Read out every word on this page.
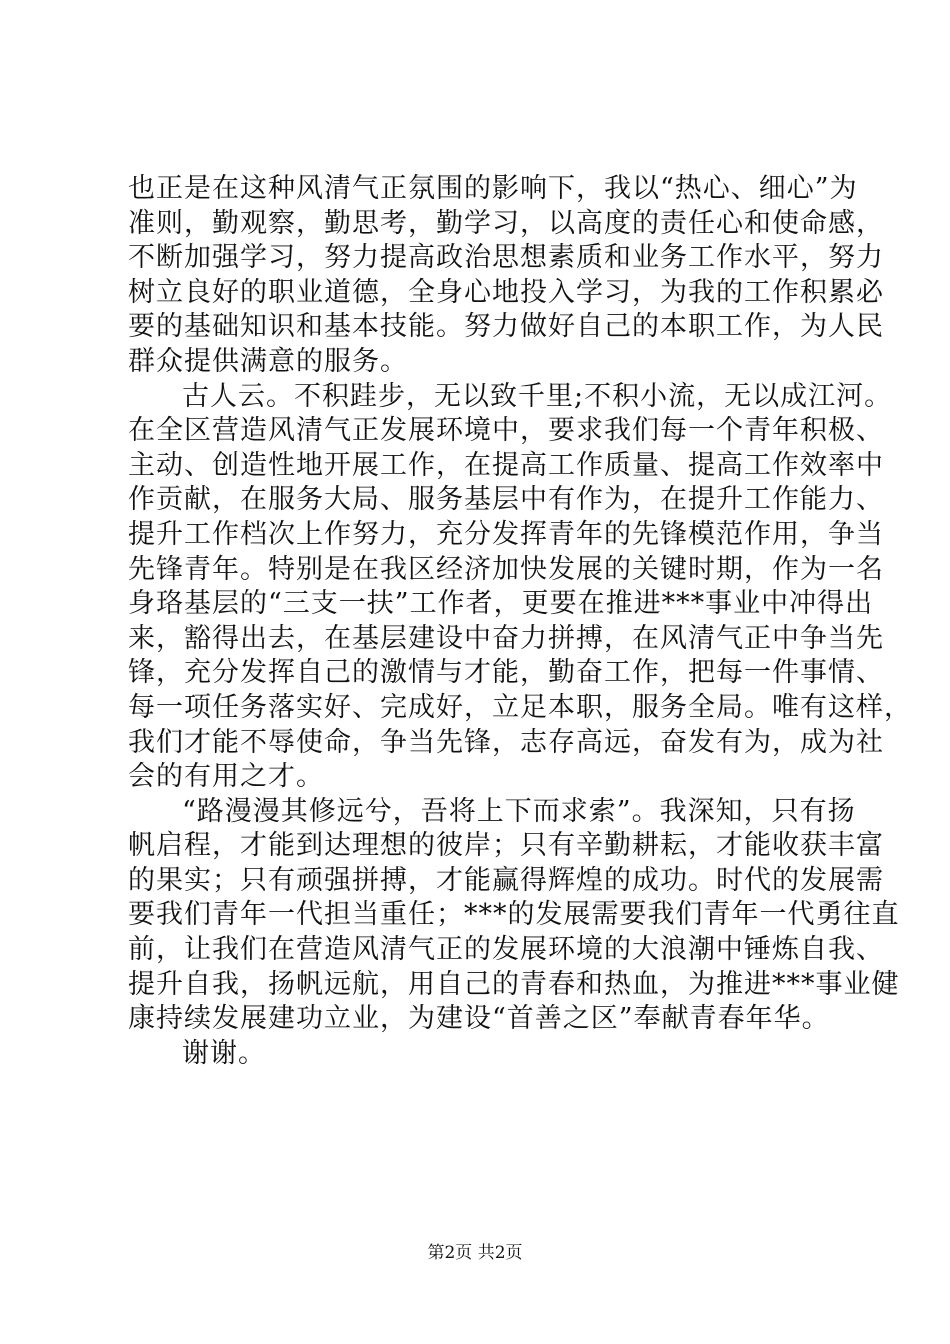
也正是在这种风清气正氛围的影响下，我以“热心、细心”为
准则，勤观察，勤思考，勤学习，以高度的责任心和使命感，
不断加强学习，努力提高政治思想素质和业务工作水平，努力
树立良好的职业道德，全身心地投入学习，为我的工作积累必
要的基础知识和基本技能。努力做好自己的本职工作，为人民
群众提供满意的服务。
古人云。不积跬步，无以致千里;不积小流，无以成江河。
在全区营造风清气正发展环境中，要求我们每一个青年积极、
主动、创造性地开展工作，在提高工作质量、提高工作效率中
作贡献，在服务大局、服务基层中有作为，在提升工作能力、
提升工作档次上作努力，充分发挥青年的先锋模范作用，争当
先锋青年。特别是在我区经济加快发展的关键时期，作为一名
身珞基层的“三支一扶”工作者，更要在推进***事业中冲得出
来，豁得出去，在基层建设中奋力拼搏，在风清气正中争当先
锋，充分发挥自己的激情与才能，勤奋工作，把每一件事情、
每一项任务落实好、完成好，立足本职，服务全局。唯有这样，
我们才能不辱使命，争当先锋，志存高远，奋发有为，成为社
会的有用之才。
“路漫漫其修远兮，吾将上下而求索”。我深知，只有扬
帆启程，才能到达理想的彼岸；只有辛勤耕耘，才能收获丰富
的果实；只有顽强拼搏，才能赢得辉煌的成功。时代的发展需
要我们青年一代担当重任；***的发展需要我们青年一代勇往直
前，让我们在营造风清气正的发展环境的大浪潮中锤炼自我、
提升自我，扬帆远航，用自己的青春和热血，为推进***事业健
康持续发展建功立业，为建设“首善之区”奉献青春年华。
谢谢。
第2页 共2页
